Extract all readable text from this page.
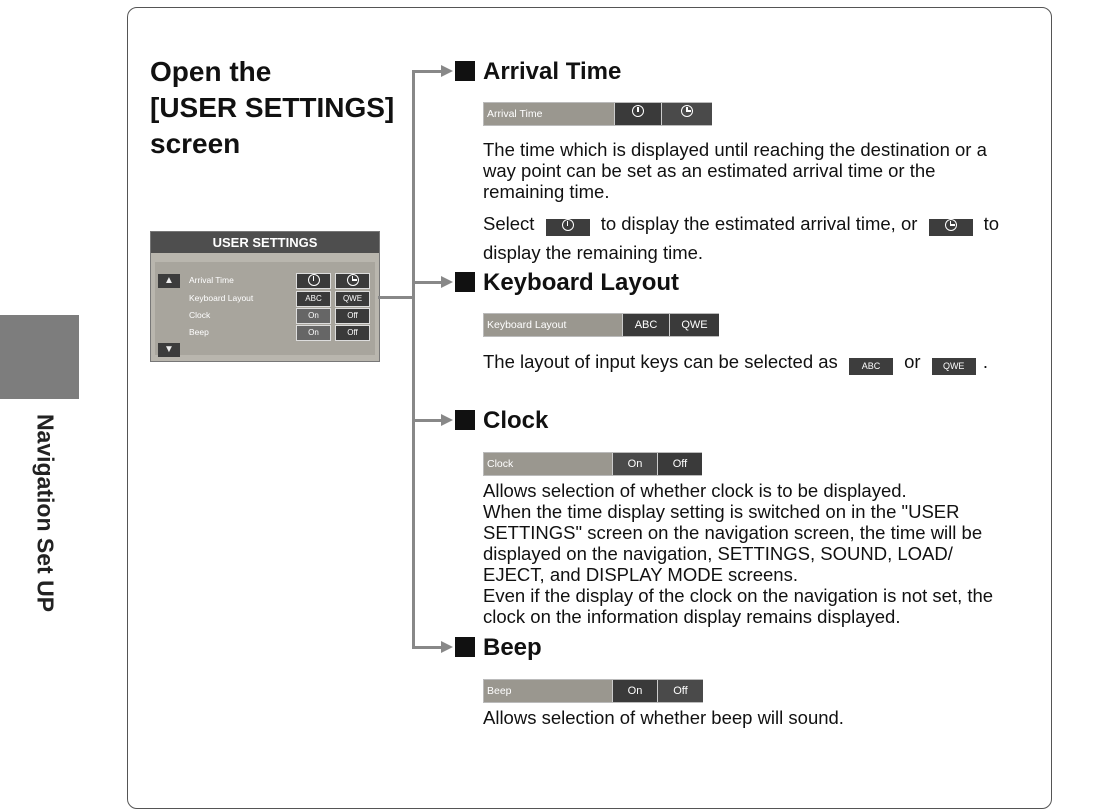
Navigation Set UP
Open the
[USER SETTINGS]
screen
USER SETTINGS
▲
▼
Arrival Time
Keyboard Layout	ABC	QWE
Clock	On	Off
Beep	On	Off
Arrival Time
Arrival Time
The time which is displayed until reaching the destination or a
way point can be set as an estimated arrival time or the
remaining time.
Select	to display the estimated arrival time, or	to
display the remaining time.
Keyboard Layout
Keyboard Layout	ABC	QWE
The layout of input keys can be selected as	ABC or QWE .
Clock
Clock	On	Off
Allows selection of whether clock is to be displayed.
When the time display setting is switched on in the "USER
SETTINGS" screen on the navigation screen, the time will be
displayed on the navigation, SETTINGS, SOUND, LOAD/
EJECT, and DISPLAY MODE screens.
Even if the display of the clock on the navigation is not set, the
clock on the information display remains displayed.
Beep
Beep	On	Off
Allows selection of whether beep will sound.
